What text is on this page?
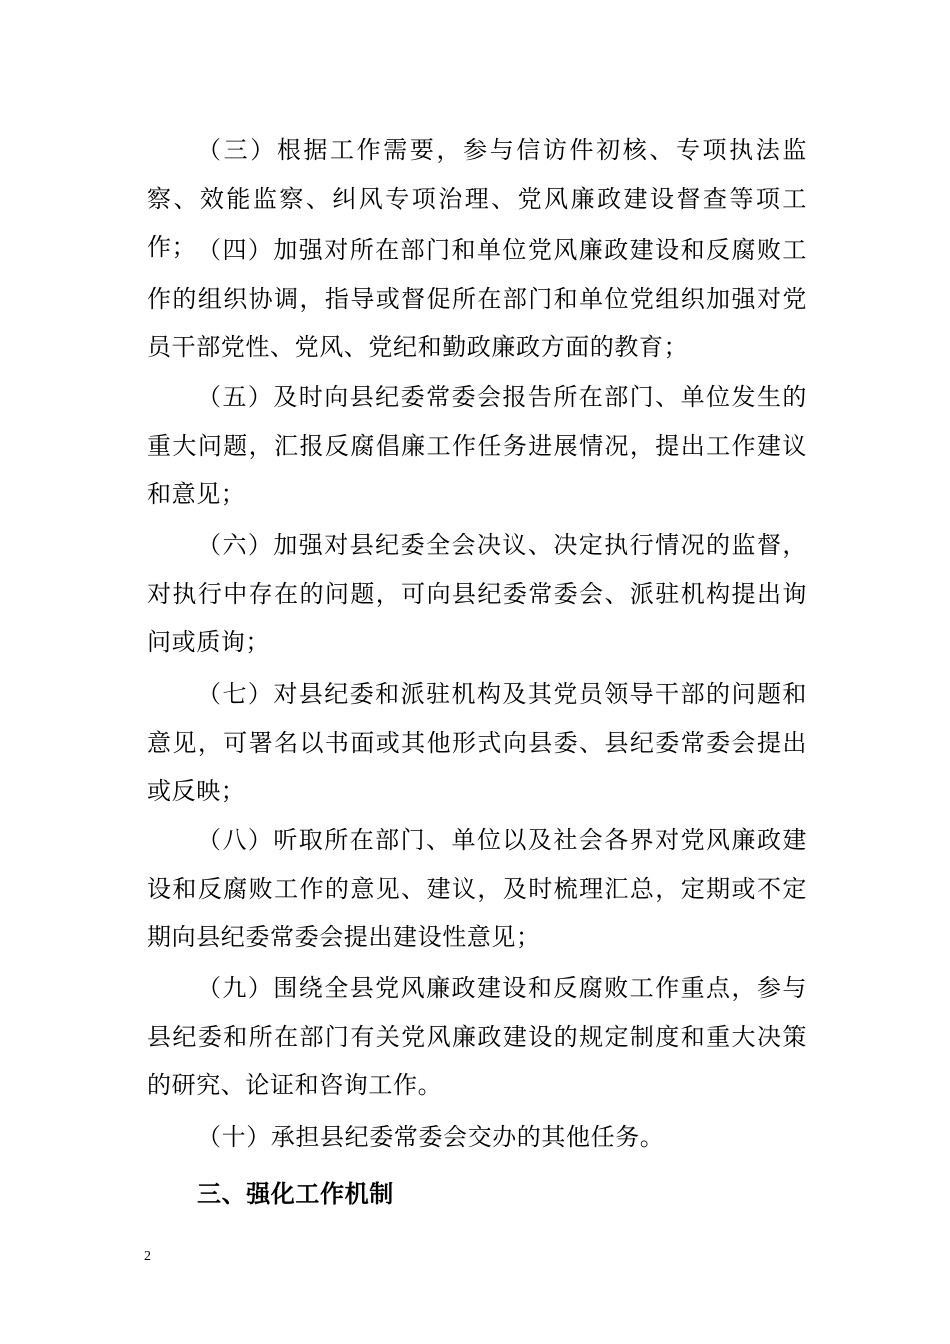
（三）根据工作需要，参与信访件初核、专项执法监察、效能监察、纠风专项治理、党风廉政建设督查等项工作； （四）加强对所在部门和单位党风廉政建设和反腐败工作的组织协调，指导或督促所在部门和单位党组织加强对党员干部党性、党风、党纪和勤政廉政方面的教育；

（五）及时向县纪委常委会报告所在部门、单位发生的重大问题，汇报反腐倡廉工作任务进展情况，提出工作建议和意见；

（六）加强对县纪委全会决议、决定执行情况的监督，对执行中存在的问题，可向县纪委常委会、派驻机构提出询问或质询；

（七）对县纪委和派驻机构及其党员领导干部的问题和意见，可署名以书面或其他形式向县委、县纪委常委会提出或反映；

（八）听取所在部门、单位以及社会各界对党风廉政建设和反腐败工作的意见、建议，及时梳理汇总，定期或不定期向县纪委常委会提出建设性意见；

（九）围绕全县党风廉政建设和反腐败工作重点，参与县纪委和所在部门有关党风廉政建设的规定制度和重大决策的研究、论证和咨询工作。

（十）承担县纪委常委会交办的其他任务。

三、强化工作机制
2
